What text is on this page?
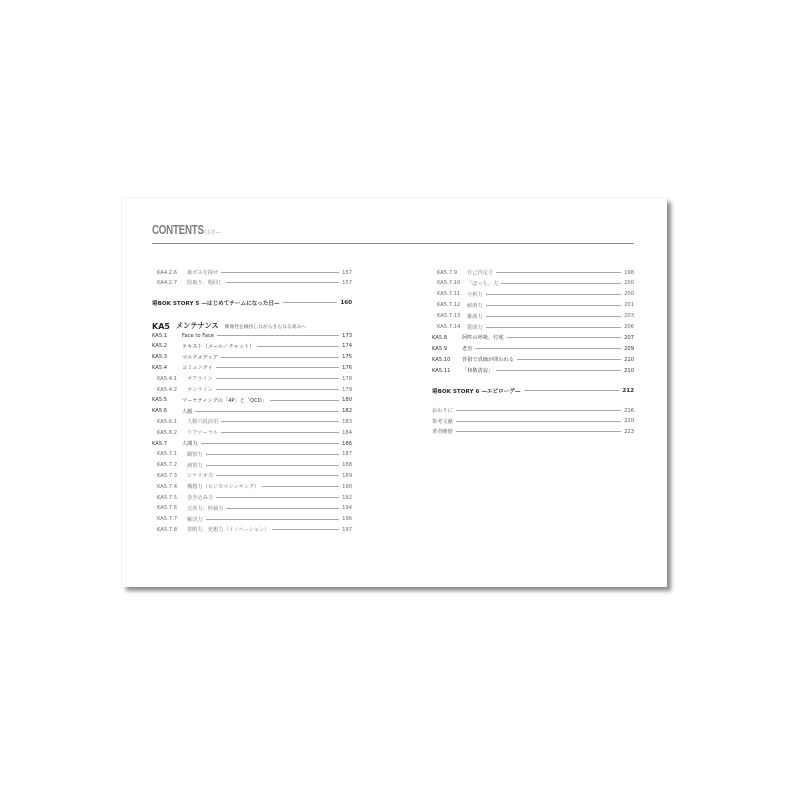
CONTENTS
—目次—
KA4.2.6	裏ボスを探せ	157
KA4.2.7	段取り、根回し	157
場BOK STORY 5 —はじめてチームになった日—	160
KA5 メンテナンス 関係性を維持しながらきらなる高みへ
KA5.1	Face to Face	173
KA5.2	テキスト（メール／チャット）	174
KA5.3	マルチメディア	175
KA5.4	コミュニティ	176
KA5.4.1	オフライン	178
KA5.4.2	オンライン	179
KA5.5	マーケティングの「4P」と「QCD」	180
KA5.6	人脈	182
KA5.6.1	人脈六段活用	183
KA5.6.2	リファーラル	184
KA5.7	人間力	186
KA5.7.1	観察力	187
KA5.7.2	洞察力	188
KA5.7.3	シナリオ力	189
KA5.7.4	構想力（ロジカルシンキング）	190
KA5.7.5	巻き込み力	192
KA5.7.6	交渉力、仲裁力	194
KA5.7.7	解決力	196
KA5.7.8	着眼力、発想力（イノベーション）	197
KA5.7.9	自己肯定力	198
KA5.7.10	「ぼっち」力	200
KA5.7.11	分析力	200
KA5.7.12	耐雨力	201
KA5.7.13	雑談力	203
KA5.7.14	質問力	206
KA5.8	阿吽の呼吸、忖度	207
KA5.9	老害	209
KA5.10	背損で真価が問われる	210
KA5.11	「和敬清寂」	210
場BOK STORY 6 —エピローグ—	212
おわりに	216
参考文献	220
著者略歴	223
